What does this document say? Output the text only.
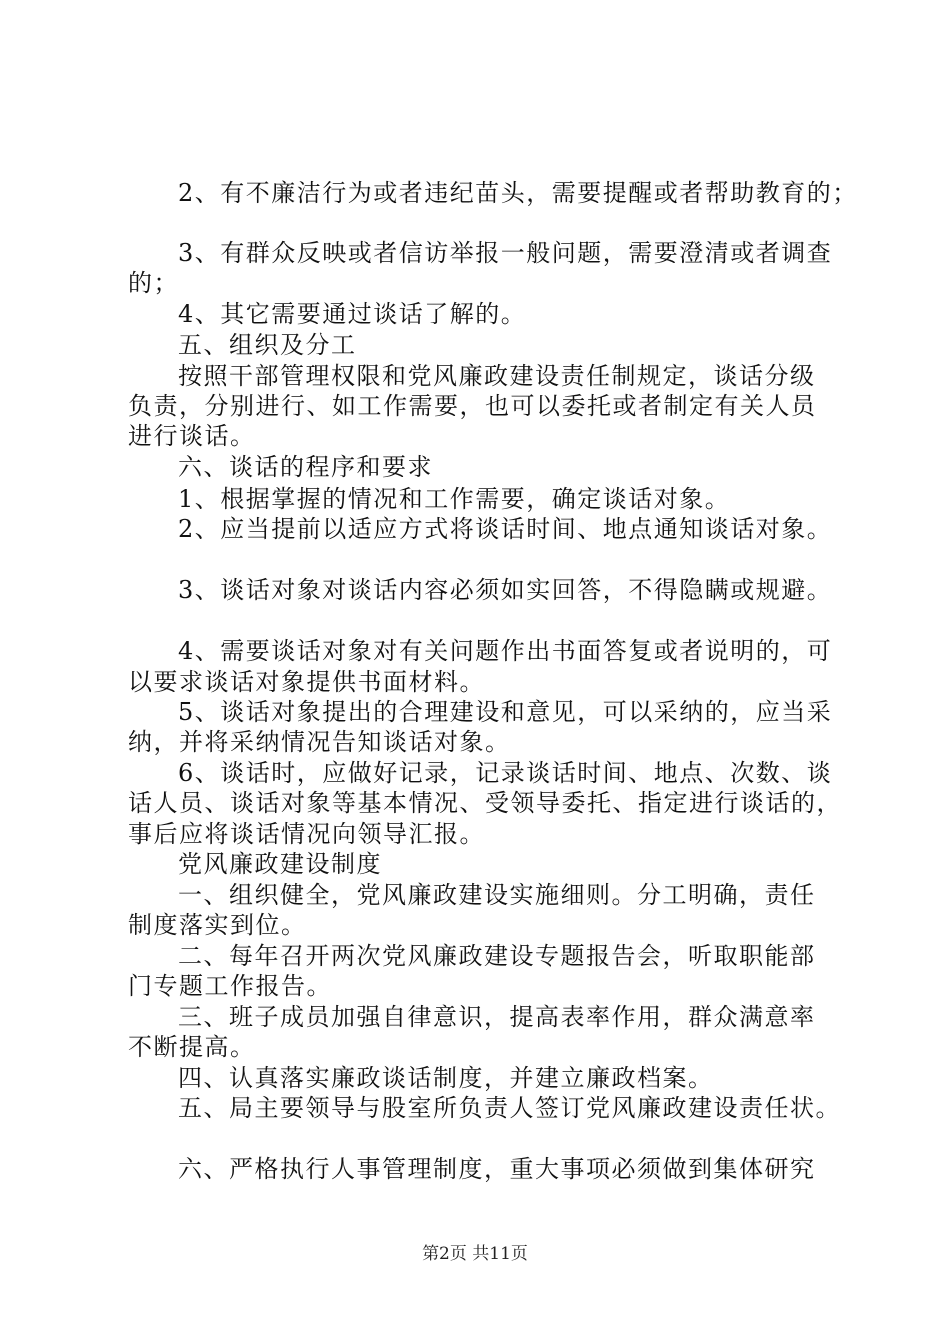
2、有不廉洁行为或者违纪苗头，需要提醒或者帮助教育的；
3、有群众反映或者信访举报一般问题，需要澄清或者调查
的；
4、其它需要通过谈话了解的。
五、组织及分工
按照干部管理权限和党风廉政建设责任制规定，谈话分级
负责，分别进行、如工作需要，也可以委托或者制定有关人员
进行谈话。
六、谈话的程序和要求
1、根据掌握的情况和工作需要，确定谈话对象。
2、应当提前以适应方式将谈话时间、地点通知谈话对象。
3、谈话对象对谈话内容必须如实回答，不得隐瞒或规避。
4、需要谈话对象对有关问题作出书面答复或者说明的，可
以要求谈话对象提供书面材料。
5、谈话对象提出的合理建设和意见，可以采纳的，应当采
纳，并将采纳情况告知谈话对象。
6、谈话时，应做好记录，记录谈话时间、地点、次数、谈
话人员、谈话对象等基本情况、受领导委托、指定进行谈话的，
事后应将谈话情况向领导汇报。
党风廉政建设制度
一、组织健全，党风廉政建设实施细则。分工明确，责任
制度落实到位。
二、每年召开两次党风廉政建设专题报告会，听取职能部
门专题工作报告。
三、班子成员加强自律意识，提高表率作用，群众满意率
不断提高。
四、认真落实廉政谈话制度，并建立廉政档案。
五、局主要领导与股室所负责人签订党风廉政建设责任状。
六、严格执行人事管理制度，重大事项必须做到集体研究
第2页 共11页
